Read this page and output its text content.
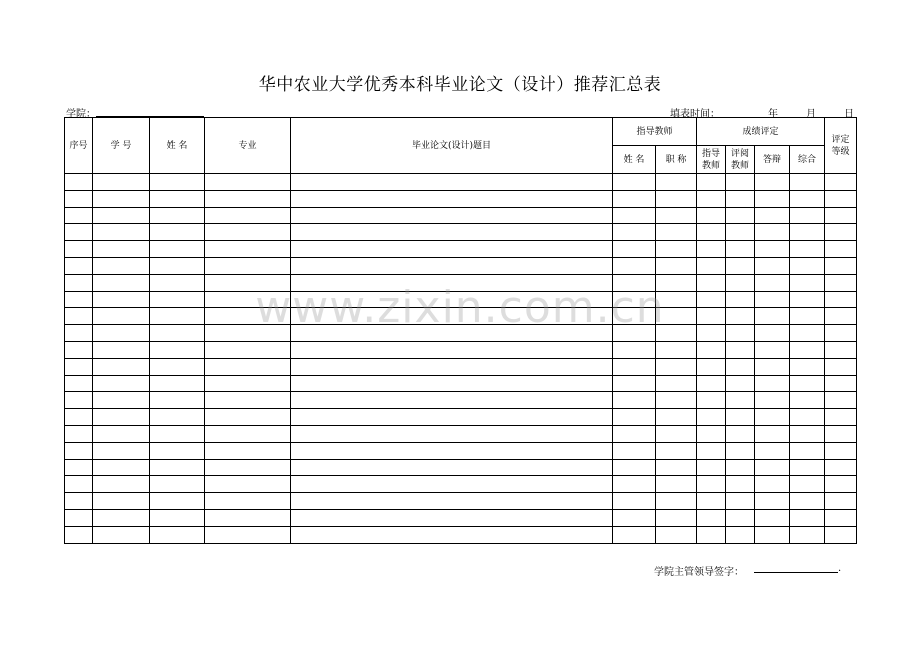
华中农业大学优秀本科毕业论文（设计）推荐汇总表
学院：	填表时间：	年	月	日
序号	学 号	姓 名	专业	毕业论文(设计)题目	指导教师		成绩评定				评定等级

					姓 名	职 称	指导教师	评阅教师	答辩	综合	

www.zixin.com.cn
学院主管领导签字：	.
